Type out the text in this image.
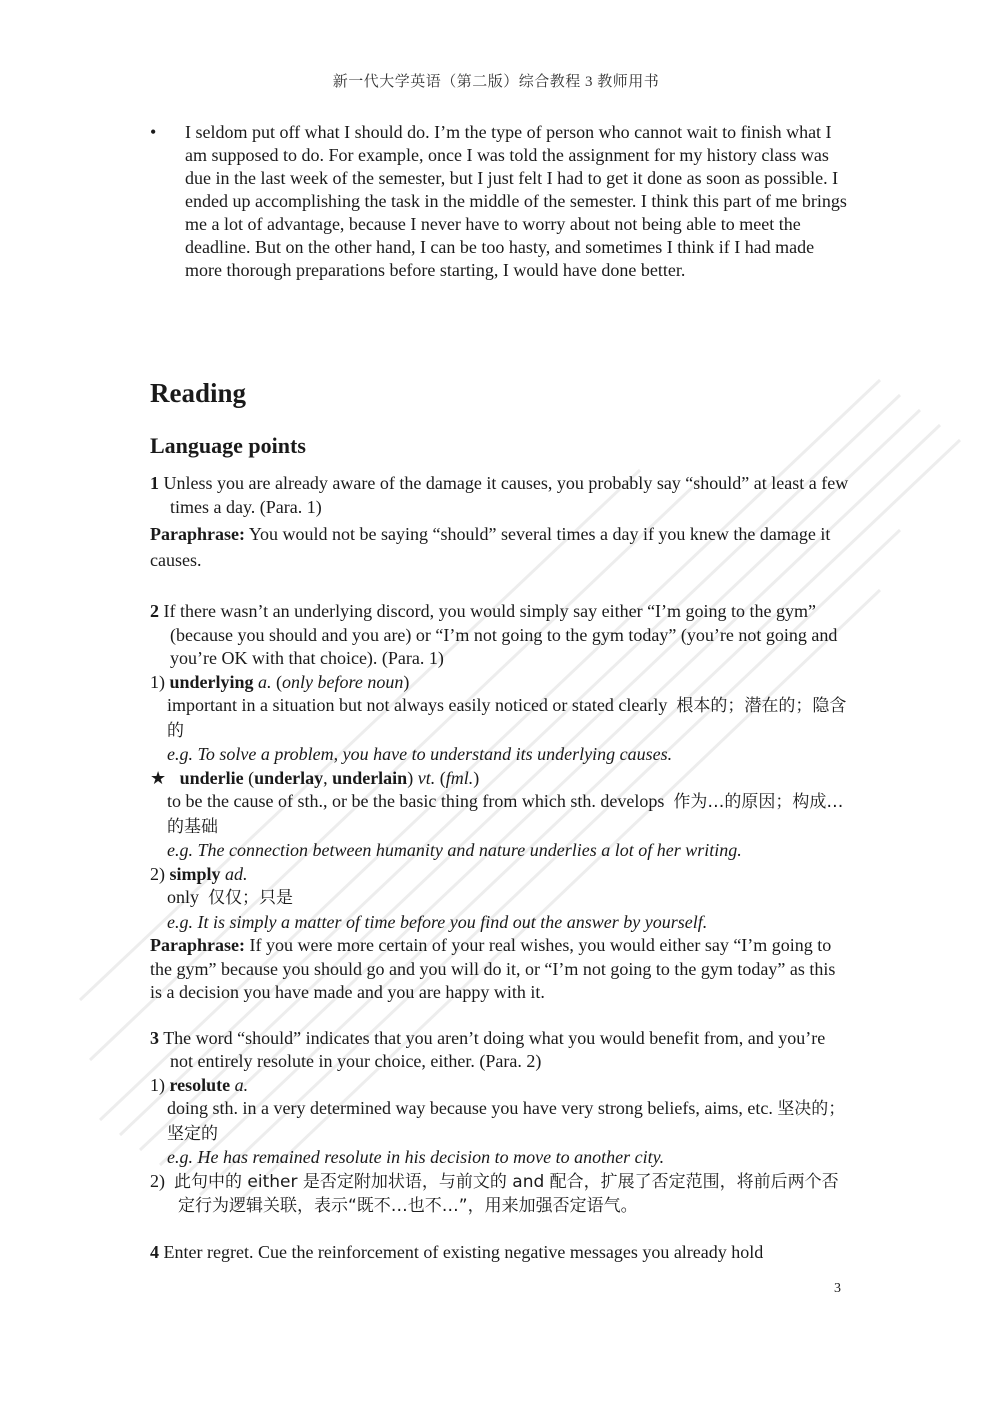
新一代大学英语（第二版）综合教程 3 教师用书
• I seldom put off what I should do. I’m the type of person who cannot wait to finish what I am supposed to do. For example, once I was told the assignment for my history class was due in the last week of the semester, but I just felt I had to get it done as soon as possible. I ended up accomplishing the task in the middle of the semester. I think this part of me brings me a lot of advantage, because I never have to worry about not being able to meet the deadline. But on the other hand, I can be too hasty, and sometimes I think if I had made more thorough preparations before starting, I would have done better.
Reading
Language points
1 Unless you are already aware of the damage it causes, you probably say “should” at least a few times a day. (Para. 1)
Paraphrase: You would not be saying “should” several times a day if you knew the damage it causes.
2 If there wasn’t an underlying discord, you would simply say either “I’m going to the gym” (because you should and you are) or “I’m not going to the gym today” (you’re not going and you’re OK with that choice). (Para. 1)
1) underlying a. (only before noun)
important in a situation but not always easily noticed or stated clearly 根本的；潜在的；隐含的
e.g. To solve a problem, you have to understand its underlying causes.
★ underlie (underlay, underlain) vt. (fml.)
to be the cause of sth., or be the basic thing from which sth. develops 作为…的原因；构成…的基础
e.g. The connection between humanity and nature underlies a lot of her writing.
2) simply ad.
only 仅仅；只是
e.g. It is simply a matter of time before you find out the answer by yourself.
Paraphrase: If you were more certain of your real wishes, you would either say “I’m going to the gym” because you should go and you will do it, or “I’m not going to the gym today” as this is a decision you have made and you are happy with it.
3 The word “should” indicates that you aren’t doing what you would benefit from, and you’re not entirely resolute in your choice, either. (Para. 2)
1) resolute a.
doing sth. in a very determined way because you have very strong beliefs, aims, etc. 坚决的；坚定的
e.g. He has remained resolute in his decision to move to another city.
2) 此句中的 either 是否定附加状语，与前文的 and 配合，扩展了否定范围，将前后两个否定行为逻辑关联，表示“既不…也不…”，用来加强否定语气。
4 Enter regret. Cue the reinforcement of existing negative messages you already hold
3
